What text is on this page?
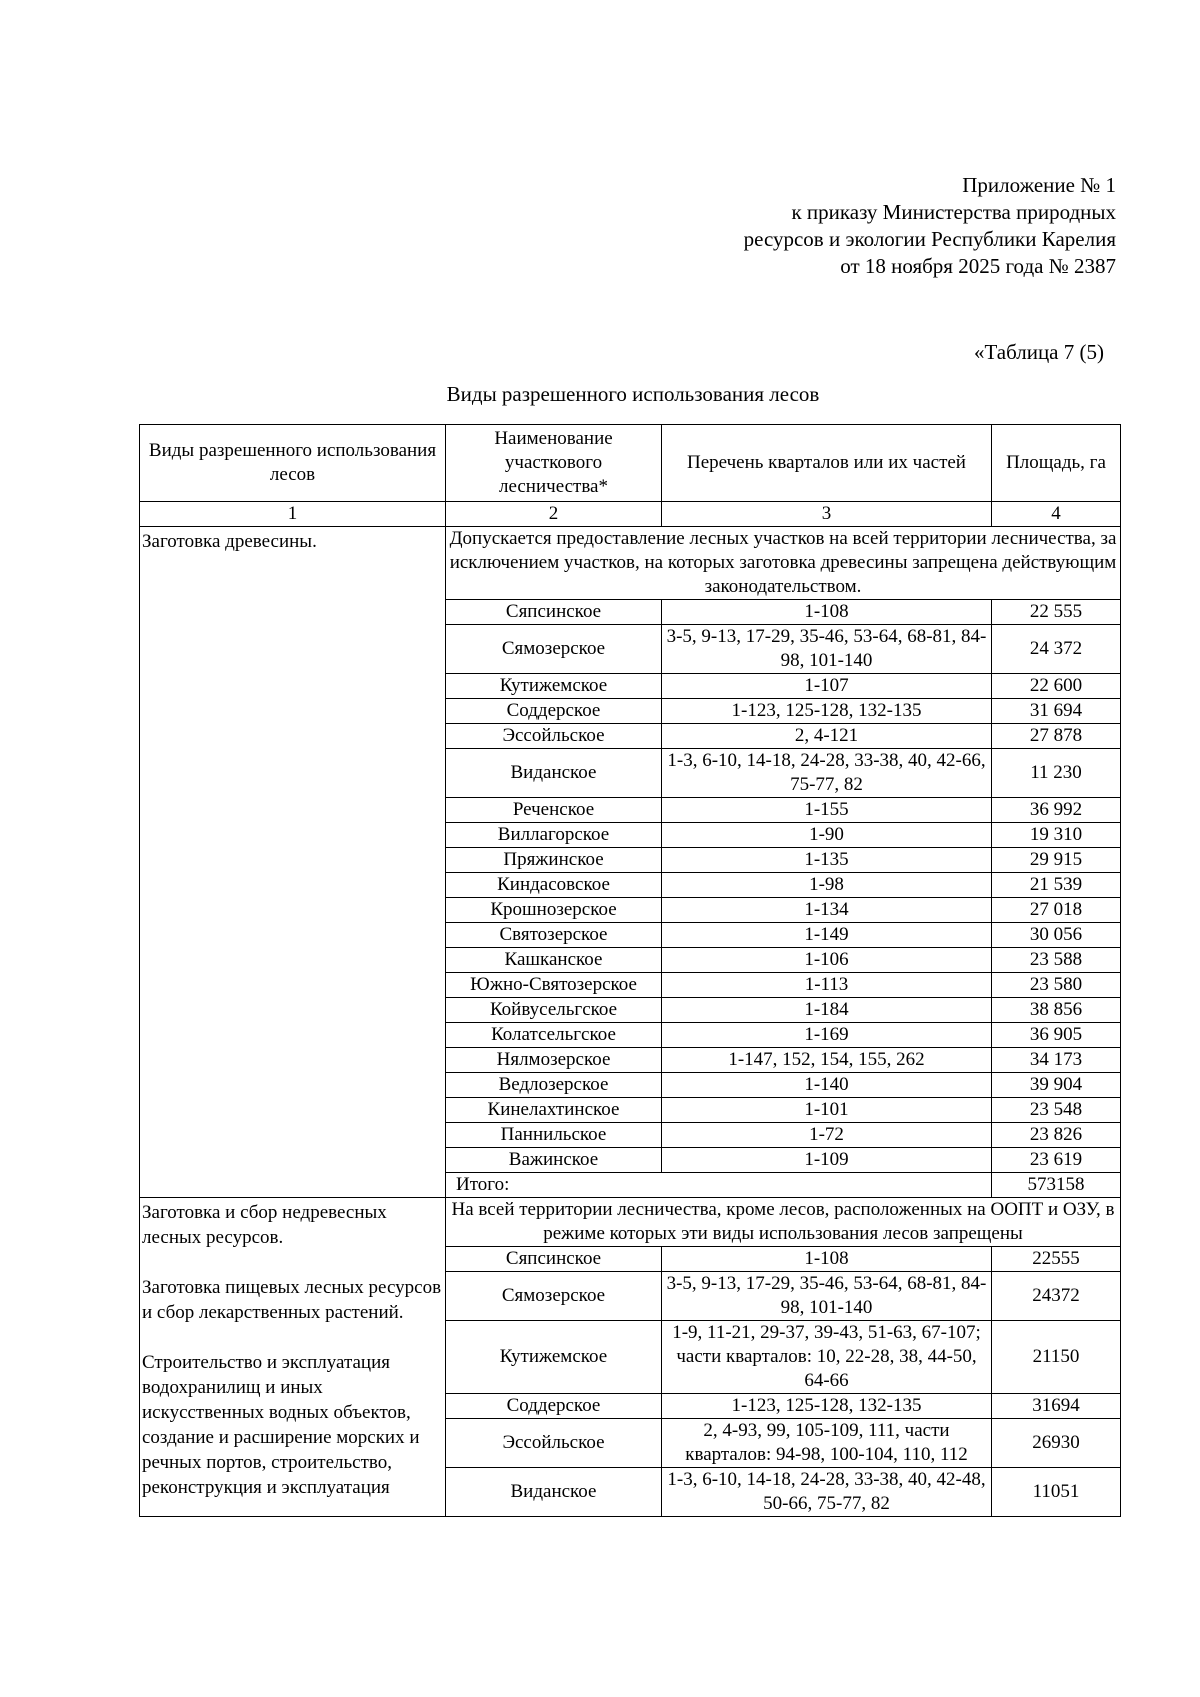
Приложение № 1
к приказу Министерства природных
ресурсов и экологии Республики Карелия
от 18 ноября 2025 года № 2387
«Таблица 7 (5)
Виды разрешенного использования лесов
Виды разрешенного использования лесов	Наименование участкового лесничества*	Перечень кварталов или их частей	Площадь, га
1	2	3	4
Заготовка древесины.	Допускается предоставление лесных участков на всей территории лесничества, за исключением участков, на которых заготовка древесины запрещена действующим законодательством.		
	Сяпсинское	1-108	22 555
	Сямозерское	3-5, 9-13, 17-29, 35-46, 53-64, 68-81, 84-98, 101-140	24 372
	Кутижемское	1-107	22 600
	Соддерское	1-123, 125-128, 132-135	31 694
	Эссойльское	2, 4-121	27 878
	Виданское	1-3, 6-10, 14-18, 24-28, 33-38, 40, 42-66, 75-77, 82	11 230
	Реченское	1-155	36 992
	Виллагорское	1-90	19 310
	Пряжинское	1-135	29 915
	Киндасовское	1-98	21 539
	Крошнозерское	1-134	27 018
	Святозерское	1-149	30 056
	Кашканское	1-106	23 588
	Южно-Святозерское	1-113	23 580
	Койвусельгское	1-184	38 856
	Колатсельгское	1-169	36 905
	Нялмозерское	1-147, 152, 154, 155, 262	34 173
	Ведлозерское	1-140	39 904
	Кинелахтинское	1-101	23 548
	Паннильское	1-72	23 826
	Важинское	1-109	23 619
	Итого:		573158

Заготовка и сбор недревесных лесных ресурсов.

Заготовка пищевых лесных ресурсов и сбор лекарственных растений.

Строительство и эксплуатация водохранилищ и иных искусственных водных объектов, создание и расширение морских и речных портов, строительство, реконструкция и эксплуатация	На всей территории лесничества, кроме лесов, расположенных на ООПТ и ОЗУ, в режиме которых эти виды использования лесов запрещены		
	Сяпсинское	1-108	22555
	Сямозерское	3-5, 9-13, 17-29, 35-46, 53-64, 68-81, 84-98, 101-140	24372
	Кутижемское	1-9, 11-21, 29-37, 39-43, 51-63, 67-107; части кварталов: 10, 22-28, 38, 44-50, 64-66	21150
	Соддерское	1-123, 125-128, 132-135	31694
	Эссойльское	2, 4-93, 99, 105-109, 111, части кварталов: 94-98, 100-104, 110, 112	26930
	Виданское	1-3, 6-10, 14-18, 24-28, 33-38, 40, 42-48, 50-66, 75-77, 82	11051
